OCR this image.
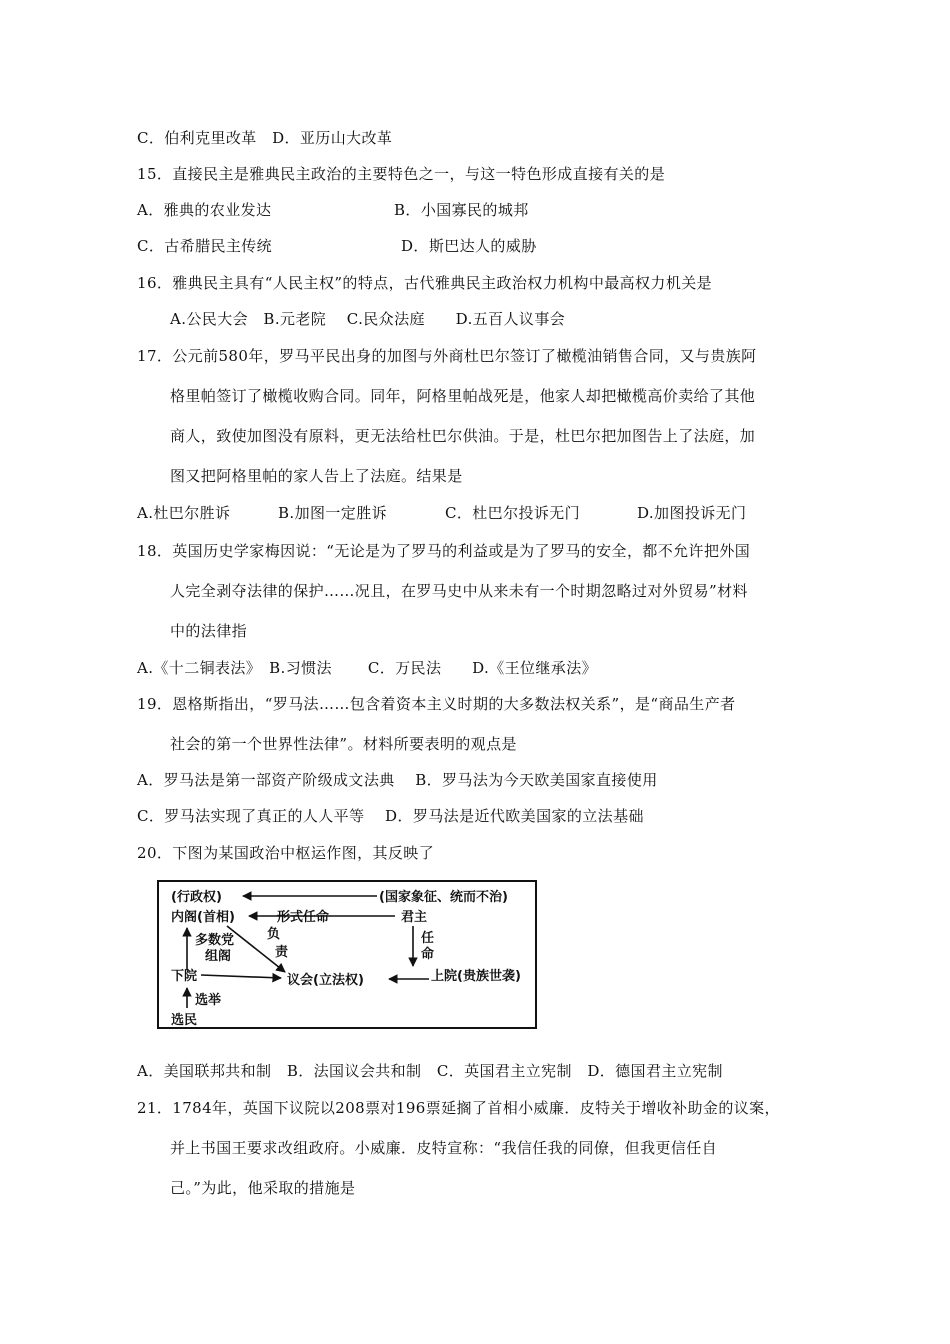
C．伯利克里改革　D．亚历山大改革
15．直接民主是雅典民主政治的主要特色之一，与这一特色形成直接有关的是
A．雅典的农业发达	B．小国寡民的城邦
C．古希腊民主传统	D．斯巴达人的威胁
16．雅典民主具有“人民主权”的特点，古代雅典民主政治权力机构中最高权力机关是
A.公民大会　B.元老院　 C.民众法庭　　D.五百人议事会
17．公元前580年，罗马平民出身的加图与外商杜巴尔签订了橄榄油销售合同，又与贵族阿
格里帕签订了橄榄收购合同。同年，阿格里帕战死是，他家人却把橄榄高价卖给了其他
商人，致使加图没有原料，更无法给杜巴尔供油。于是，杜巴尔把加图告上了法庭，加
图又把阿格里帕的家人告上了法庭。结果是
A.杜巴尔胜诉	B.加图一定胜诉	C．杜巴尔投诉无门	D.加图投诉无门
18．英国历史学家梅因说：“无论是为了罗马的利益或是为了罗马的安全，都不允许把外国
人完全剥夺法律的保护……况且，在罗马史中从来未有一个时期忽略过对外贸易”材料
中的法律指
A.《十二铜表法》　B.习惯法　　 C．万民法　　D.《王位继承法》
19．恩格斯指出，“罗马法……包含着资本主义时期的大多数法权关系”，是“商品生产者
社会的第一个世界性法律”。材料所要表明的观点是
A．罗马法是第一部资产阶级成文法典　 B．罗马法为今天欧美国家直接使用
C．罗马法实现了真正的人人平等　 D．罗马法是近代欧美国家的立法基础
20．下图为某国政治中枢运作图，其反映了
(行政权)	(国家象征、统而不治)
内阁(首相)	形式任命	君主
多数党
组阁
负
责
任
命
下院	议会(立法权)	上院(贵族世袭)
选举
选民
A．美国联邦共和制　B．法国议会共和制　C．英国君主立宪制　D．德国君主立宪制
21．1784年，英国下议院以208票对196票延搁了首相小威廉．皮特关于增收补助金的议案，
并上书国王要求改组政府。小威廉．皮特宣称：“我信任我的同僚，但我更信任自
己。”为此，他采取的措施是
